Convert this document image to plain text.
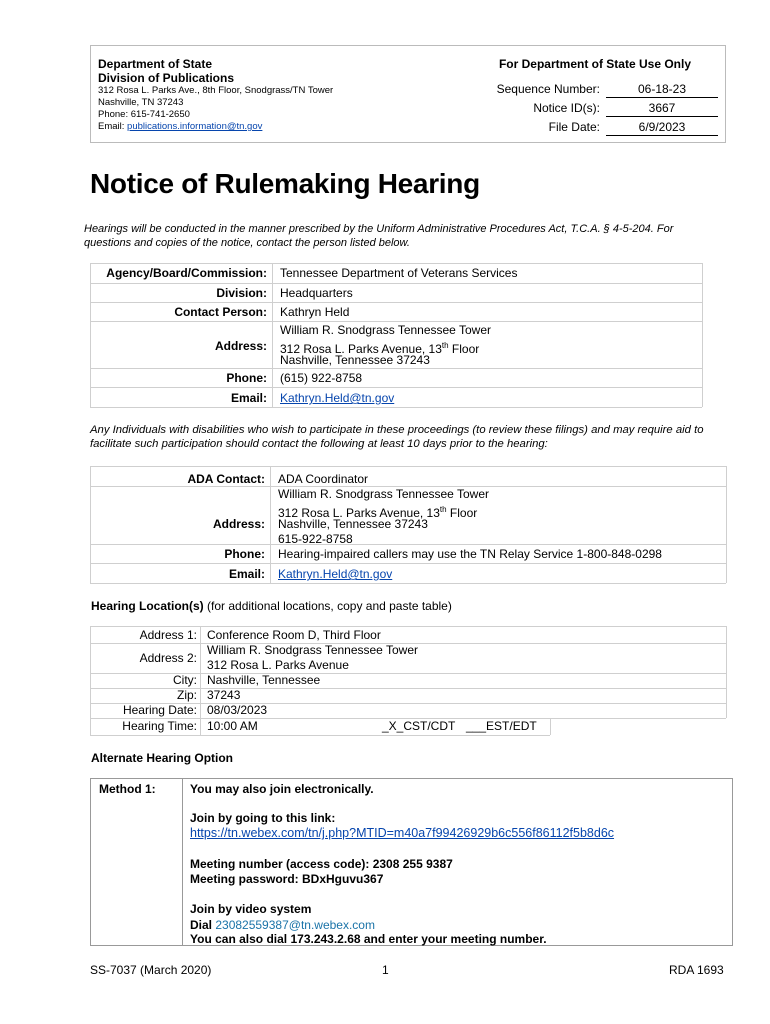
Department of State
Division of Publications
312 Rosa L. Parks Ave., 8th Floor, Snodgrass/TN Tower
Nashville, TN 37243
Phone: 615-741-2650
Email: publications.information@tn.gov
For Department of State Use Only
Sequence Number:	06-18-23
Notice ID(s):	3667
File Date:	6/9/2023
Notice of Rulemaking Hearing
Hearings will be conducted in the manner prescribed by the Uniform Administrative Procedures Act, T.C.A. § 4-5-204. For questions and copies of the notice, contact the person listed below.
Agency/Board/Commission: Tennessee Department of Veterans Services
Division: Headquarters
Contact Person: Kathryn Held
Address:
William R. Snodgrass Tennessee Tower
312 Rosa L. Parks Avenue, 13th Floor
Nashville, Tennessee 37243
Phone: (615) 922-8758
Email: Kathryn.Held@tn.gov
Any Individuals with disabilities who wish to participate in these proceedings (to review these filings) and may require aid to facilitate such participation should contact the following at least 10 days prior to the hearing:
ADA Contact: ADA Coordinator
Address:
William R. Snodgrass Tennessee Tower
312 Rosa L. Parks Avenue, 13th Floor
Nashville, Tennessee 37243
615-922-8758
Phone: Hearing-impaired callers may use the TN Relay Service 1-800-848-0298
Email: Kathryn.Held@tn.gov
Hearing Location(s) (for additional locations, copy and paste table)
Address 1: Conference Room D, Third Floor
Address 2:
William R. Snodgrass Tennessee Tower
312 Rosa L. Parks Avenue
City: Nashville, Tennessee
Zip: 37243
Hearing Date: 08/03/2023
Hearing Time: 10:00 AM	_X_CST/CDT ___EST/EDT
Alternate Hearing Option
Method 1:	You may also join electronically.
Join by going to this link:
https://tn.webex.com/tn/j.php?MTID=m40a7f99426929b6c556f86112f5b8d6c
Meeting number (access code): 2308 255 9387
Meeting password: BDxHguvu367
Join by video system
Dial 23082559387@tn.webex.com
You can also dial 173.243.2.68 and enter your meeting number.
SS-7037 (March 2020)	1	RDA 1693
